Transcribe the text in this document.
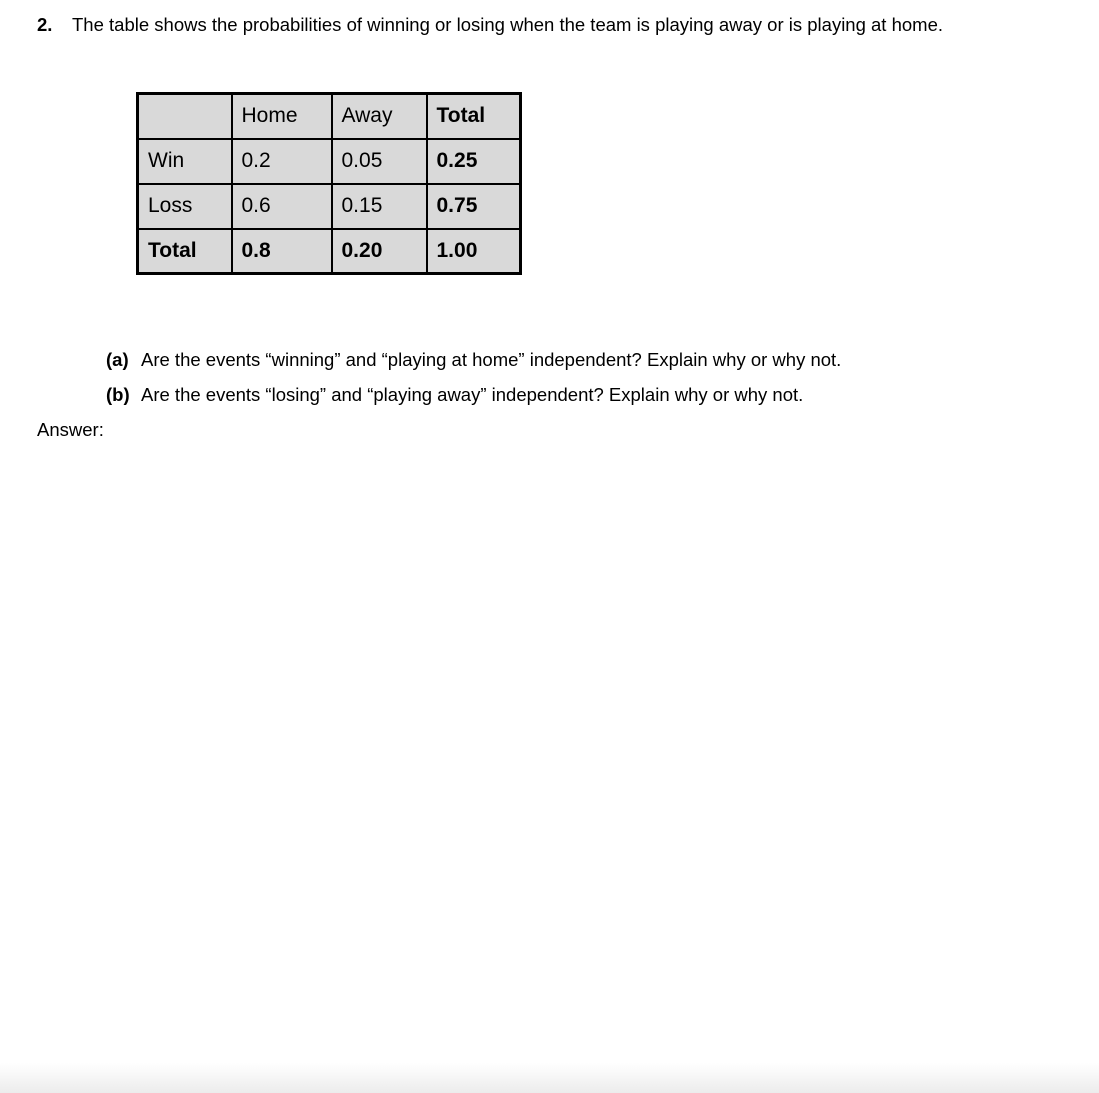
2. The table shows the probabilities of winning or losing when the team is playing away or is playing at home.
	Home	Away	Total
Win	0.2	0.05	0.25
Loss	0.6	0.15	0.75
Total	0.8	0.20	1.00
(a) Are the events “winning” and “playing at home” independent? Explain why or why not.
(b) Are the events “losing” and “playing away” independent? Explain why or why not.
Answer:
